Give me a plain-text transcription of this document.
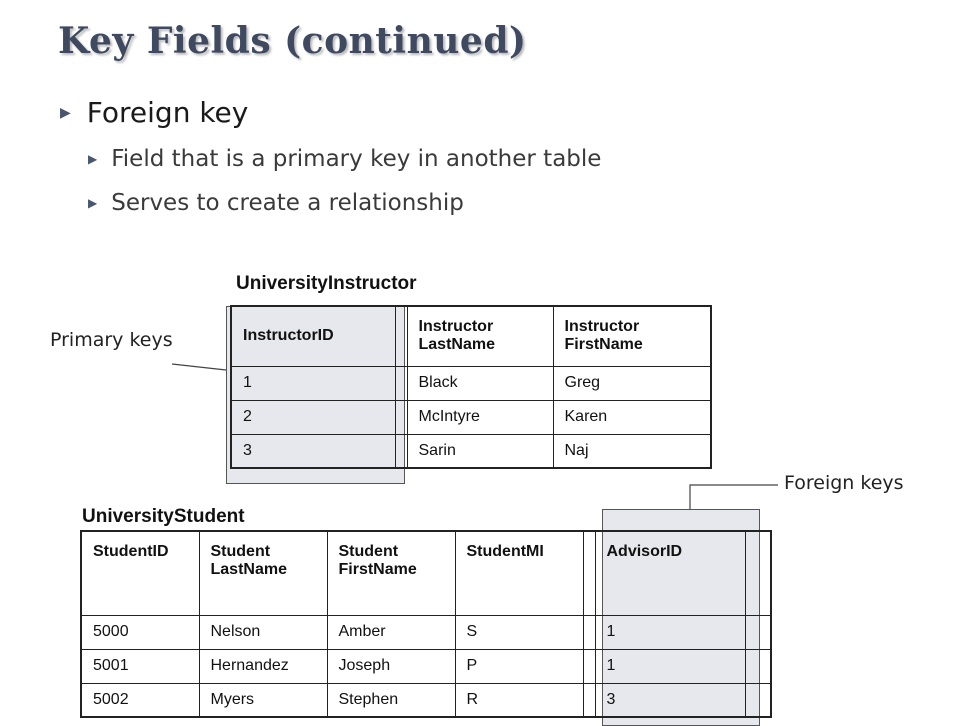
Key Fields (continued)
▶ Foreign key
▶ Field that is a primary key in another table
▶ Serves to create a relationship
UniversityInstructor
InstructorID		Instructor LastName	Instructor FirstName
1		Black	Greg
2		McIntyre	Karen
3		Sarin	Naj
Primary keys
UniversityStudent
Foreign keys
StudentID	Student LastName	Student FirstName	StudentMI		AdvisorID	
5000	Nelson	Amber	S		1	
5001	Hernandez	Joseph	P		1	
5002	Myers	Stephen	R		3	
